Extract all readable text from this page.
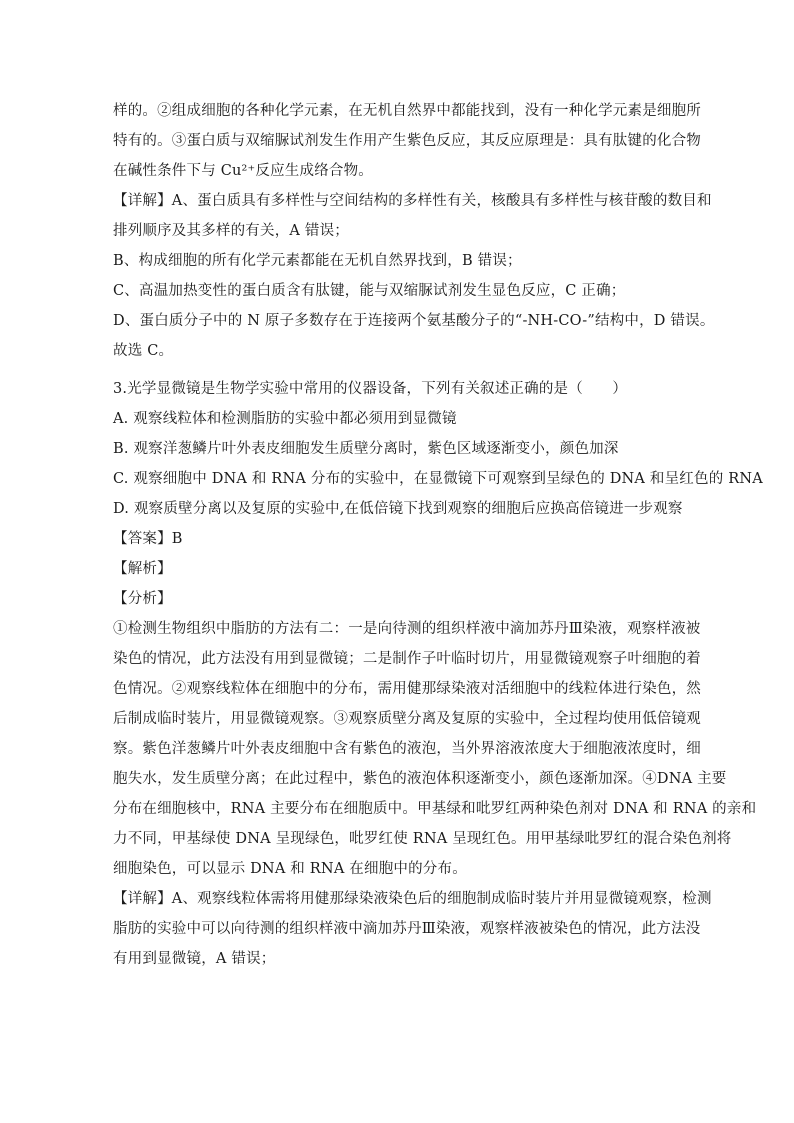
样的。②组成细胞的各种化学元素，在无机自然界中都能找到，没有一种化学元素是细胞所
特有的。③蛋白质与双缩脲试剂发生作用产生紫色反应，其反应原理是：具有肽键的化合物
在碱性条件下与 Cu²⁺反应生成络合物。
【详解】A、蛋白质具有多样性与空间结构的多样性有关，核酸具有多样性与核苷酸的数目和
排列顺序及其多样的有关，A 错误；
B、构成细胞的所有化学元素都能在无机自然界找到，B 错误；
C、高温加热变性的蛋白质含有肽键，能与双缩脲试剂发生显色反应，C 正确；
D、蛋白质分子中的 N 原子多数存在于连接两个氨基酸分子的“-NH-CO-”结构中，D 错误。
故选 C。
3.光学显微镜是生物学实验中常用的仪器设备，下列有关叙述正确的是（　　）
A. 观察线粒体和检测脂肪的实验中都必须用到显微镜
B. 观察洋葱鳞片叶外表皮细胞发生质壁分离时，紫色区域逐渐变小，颜色加深
C. 观察细胞中 DNA 和 RNA 分布的实验中，在显微镜下可观察到呈绿色的 DNA 和呈红色的 RNA
D. 观察质壁分离以及复原的实验中,在低倍镜下找到观察的细胞后应换高倍镜进一步观察
【答案】B
【解析】
【分析】
①检测生物组织中脂肪的方法有二：一是向待测的组织样液中滴加苏丹Ⅲ染液，观察样液被
染色的情况，此方法没有用到显微镜；二是制作子叶临时切片，用显微镜观察子叶细胞的着
色情况。②观察线粒体在细胞中的分布，需用健那绿染液对活细胞中的线粒体进行染色，然
后制成临时装片，用显微镜观察。③观察质壁分离及复原的实验中，全过程均使用低倍镜观
察。紫色洋葱鳞片叶外表皮细胞中含有紫色的液泡，当外界溶液浓度大于细胞液浓度时，细
胞失水，发生质壁分离；在此过程中，紫色的液泡体积逐渐变小，颜色逐渐加深。④DNA 主要
分布在细胞核中，RNA 主要分布在细胞质中。甲基绿和吡罗红两种染色剂对 DNA 和 RNA 的亲和
力不同，甲基绿使 DNA 呈现绿色，吡罗红使 RNA 呈现红色。用甲基绿吡罗红的混合染色剂将
细胞染色，可以显示 DNA 和 RNA 在细胞中的分布。
【详解】A、观察线粒体需将用健那绿染液染色后的细胞制成临时装片并用显微镜观察，检测
脂肪的实验中可以向待测的组织样液中滴加苏丹Ⅲ染液，观察样液被染色的情况，此方法没
有用到显微镜，A 错误；
